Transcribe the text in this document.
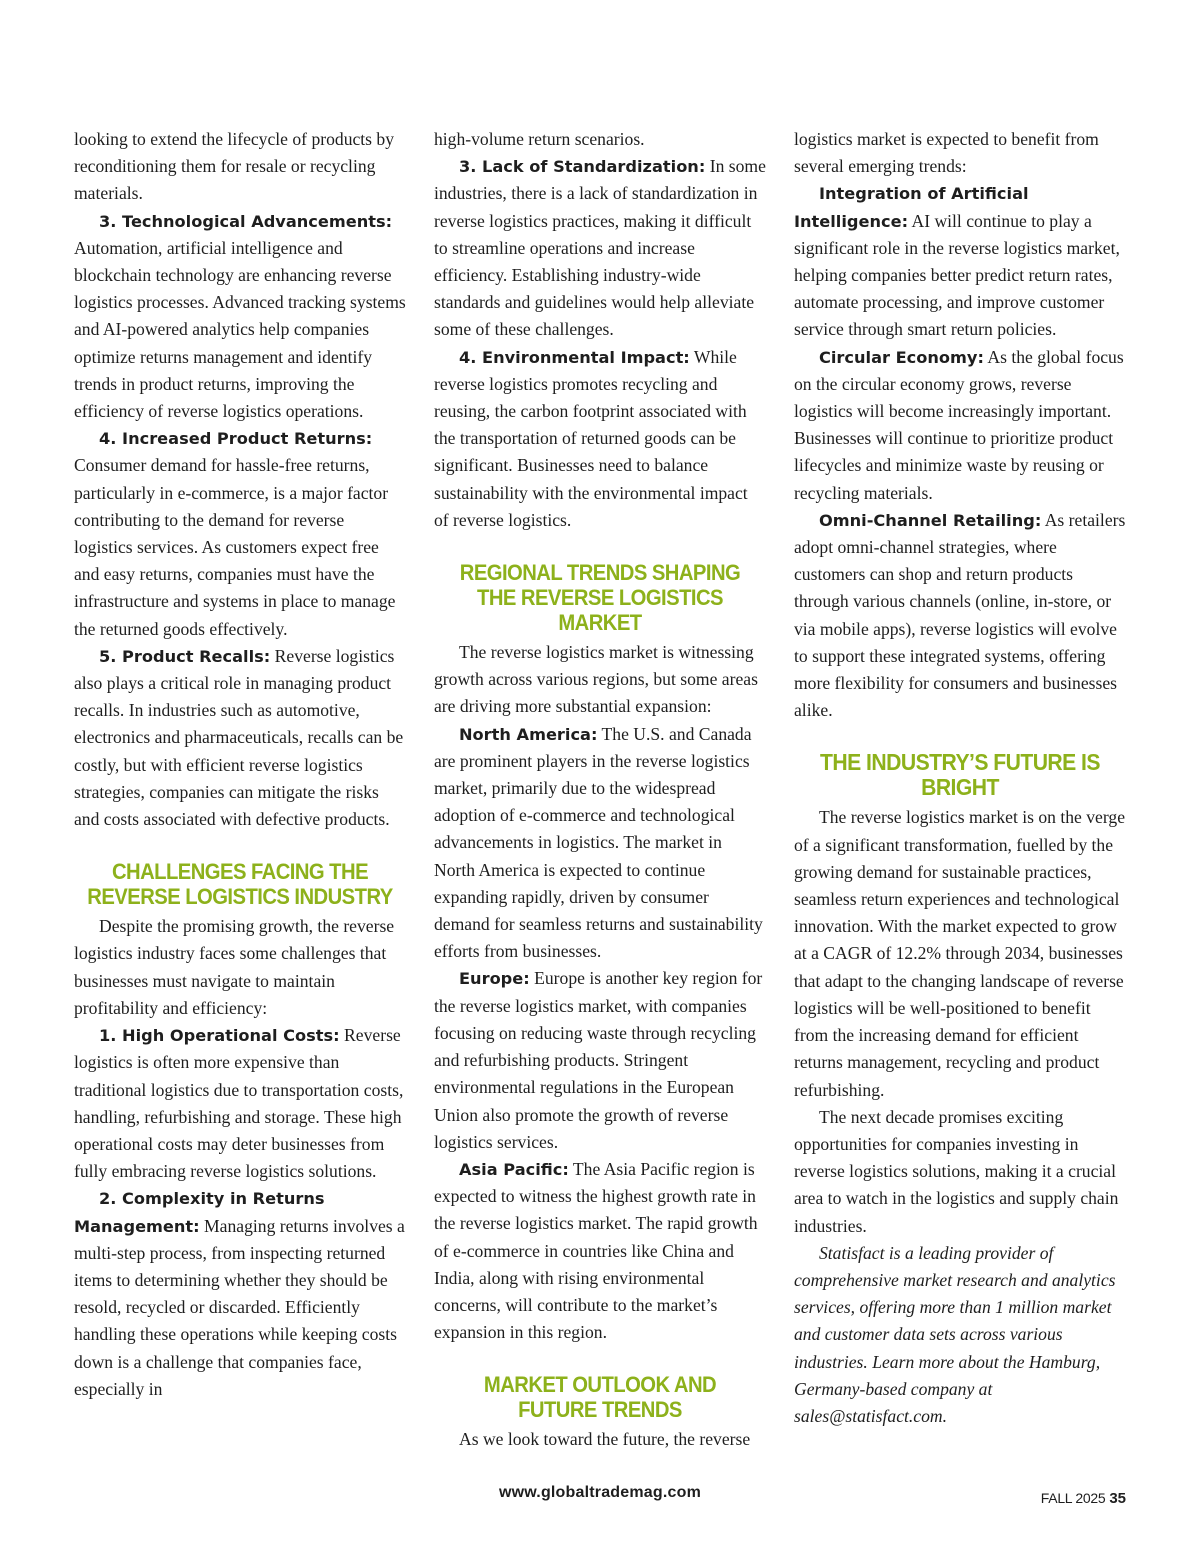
looking to extend the lifecycle of products by reconditioning them for resale or recycling materials.

3. Technological Advancements: Automation, artificial intelligence and blockchain technology are enhancing reverse logistics processes. Advanced tracking systems and AI-powered analytics help companies optimize returns management and identify trends in product returns, improving the efficiency of reverse logistics operations.

4. Increased Product Returns: Consumer demand for hassle-free returns, particularly in e-commerce, is a major factor contributing to the demand for reverse logistics services. As customers expect free and easy returns, companies must have the infrastructure and systems in place to manage the returned goods effectively.

5. Product Recalls: Reverse logistics also plays a critical role in managing product recalls. In industries such as automotive, electronics and pharmaceuticals, recalls can be costly, but with efficient reverse logistics strategies, companies can mitigate the risks and costs associated with defective products.

CHALLENGES FACING THE REVERSE LOGISTICS INDUSTRY

Despite the promising growth, the reverse logistics industry faces some challenges that businesses must navigate to maintain profitability and efficiency:

1. High Operational Costs: Reverse logistics is often more expensive than traditional logistics due to transportation costs, handling, refurbishing and storage. These high operational costs may deter businesses from fully embracing reverse logistics solutions.

2. Complexity in Returns Management: Managing returns involves a multi-step process, from inspecting returned items to determining whether they should be resold, recycled or discarded. Efficiently handling these operations while keeping costs down is a challenge that companies face, especially in

high-volume return scenarios.

3. Lack of Standardization: In some industries, there is a lack of standardization in reverse logistics practices, making it difficult to streamline operations and increase efficiency. Establishing industry-wide standards and guidelines would help alleviate some of these challenges.

4. Environmental Impact: While reverse logistics promotes recycling and reusing, the carbon footprint associated with the transportation of returned goods can be significant. Businesses need to balance sustainability with the environmental impact of reverse logistics.

REGIONAL TRENDS SHAPING THE REVERSE LOGISTICS MARKET

The reverse logistics market is witnessing growth across various regions, but some areas are driving more substantial expansion:

North America: The U.S. and Canada are prominent players in the reverse logistics market, primarily due to the widespread adoption of e-commerce and technological advancements in logistics. The market in North America is expected to continue expanding rapidly, driven by consumer demand for seamless returns and sustainability efforts from businesses.

Europe: Europe is another key region for the reverse logistics market, with companies focusing on reducing waste through recycling and refurbishing products. Stringent environmental regulations in the European Union also promote the growth of reverse logistics services.

Asia Pacific: The Asia Pacific region is expected to witness the highest growth rate in the reverse logistics market. The rapid growth of e-commerce in countries like China and India, along with rising environmental concerns, will contribute to the market’s expansion in this region.

MARKET OUTLOOK AND FUTURE TRENDS

As we look toward the future, the reverse

logistics market is expected to benefit from several emerging trends:

Integration of Artificial Intelligence: AI will continue to play a significant role in the reverse logistics market, helping companies better predict return rates, automate processing, and improve customer service through smart return policies.

Circular Economy: As the global focus on the circular economy grows, reverse logistics will become increasingly important. Businesses will continue to prioritize product lifecycles and minimize waste by reusing or recycling materials.

Omni-Channel Retailing: As retailers adopt omni-channel strategies, where customers can shop and return products through various channels (online, in-store, or via mobile apps), reverse logistics will evolve to support these integrated systems, offering more flexibility for consumers and businesses alike.

THE INDUSTRY’S FUTURE IS BRIGHT

The reverse logistics market is on the verge of a significant transformation, fuelled by the growing demand for sustainable practices, seamless return experiences and technological innovation. With the market expected to grow at a CAGR of 12.2% through 2034, businesses that adapt to the changing landscape of reverse logistics will be well-positioned to benefit from the increasing demand for efficient returns management, recycling and product refurbishing.

The next decade promises exciting opportunities for companies investing in reverse logistics solutions, making it a crucial area to watch in the logistics and supply chain industries.

Statisfact is a leading provider of comprehensive market research and analytics services, offering more than 1 million market and customer data sets across various industries. Learn more about the Hamburg, Germany-based company at sales@statisfact.com.

www.globaltrademag.com	FALL 2025 35
